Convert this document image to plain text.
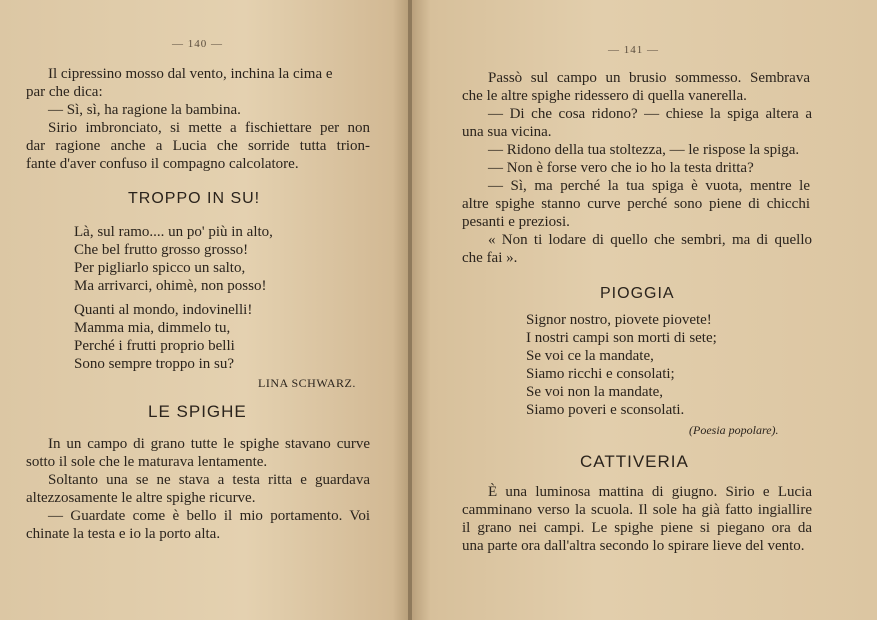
— 140 —
Il cipressino mosso dal vento, inchina la cima e
par che dica:
— Sì, sì, ha ragione la bambina.
Sirio imbronciato, si mette a fischiettare per non
dar ragione anche a Lucia che sorride tutta trion-
fante d'aver confuso il compagno calcolatore.
TROPPO IN SU!
Là, sul ramo.... un po' più in alto,
Che bel frutto grosso grosso!
Per pigliarlo spicco un salto,
Ma arrivarci, ohimè, non posso!
Quanti al mondo, indovinelli!
Mamma mia, dimmelo tu,
Perché i frutti proprio belli
Sono sempre troppo in su?
LINA SCHWARZ.
LE SPIGHE
In un campo di grano tutte le spighe stavano curve
sotto il sole che le maturava lentamente.
Soltanto una se ne stava a testa ritta e guardava
altezzosamente le altre spighe ricurve.
— Guardate come è bello il mio portamento. Voi
chinate la testa e io la porto alta.
— 141 —
Passò sul campo un brusio sommesso. Sembrava
che le altre spighe ridessero di quella vanerella.
— Di che cosa ridono? — chiese la spiga altera a
una sua vicina.
— Ridono della tua stoltezza, — le rispose la spiga.
— Non è forse vero che io ho la testa dritta?
— Sì, ma perché la tua spiga è vuota, mentre le
altre spighe stanno curve perché sono piene di chicchi
pesanti e preziosi.
« Non ti lodare di quello che sembri, ma di quello
che fai ».
PIOGGIA
Signor nostro, piovete piovete!
I nostri campi son morti di sete;
Se voi ce la mandate,
Siamo ricchi e consolati;
Se voi non la mandate,
Siamo poveri e sconsolati.
(Poesia popolare).
CATTIVERIA
È una luminosa mattina di giugno. Sirio e Lucia
camminano verso la scuola. Il sole ha già fatto ingiallire
il grano nei campi. Le spighe piene si piegano ora da
una parte ora dall'altra secondo lo spirare lieve del vento.
